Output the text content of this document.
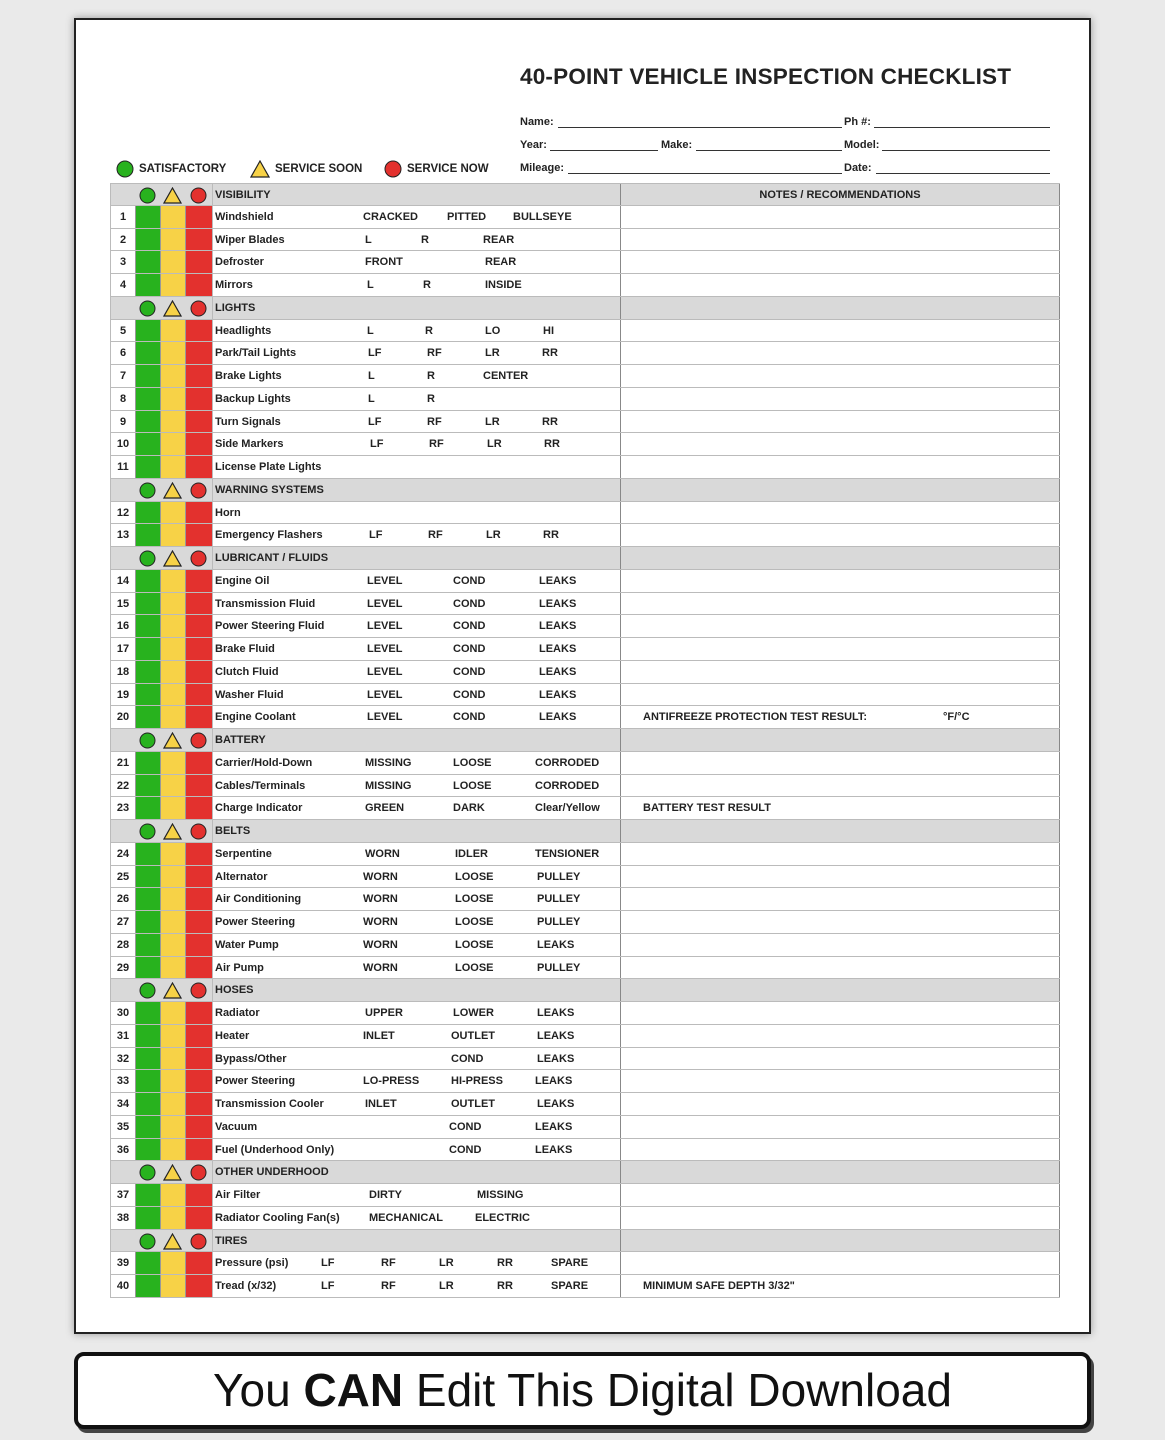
40-POINT VEHICLE INSPECTION CHECKLIST
Name:	Ph #:
Year:	Make:	Model:
Mileage:	Date:
SATISFACTORY	SERVICE SOON	SERVICE NOW
VISIBILITY	NOTES / RECOMMENDATIONS
1	Windshield	CRACKED	PITTED BULLSEYE
2	Wiper Blades	L	R	REAR
3	Defroster	FRONT	REAR
4	Mirrors	L	R	INSIDE
LIGHTS
5	Headlights	L	R	LO	HI
6	Park/Tail Lights	LF	RF	LR	RR
7	Brake Lights	L	R	CENTER
8	Backup Lights	L	R
9	Turn Signals	LF	RF	LR	RR
10	Side Markers	LF	RF	LR	RR
11	License Plate Lights
WARNING SYSTEMS
12	Horn
13	Emergency Flashers	LF	RF	LR	RR
LUBRICANT / FLUIDS
14	Engine Oil	LEVEL	COND	LEAKS
15	Transmission Fluid	LEVEL	COND	LEAKS
16	Power Steering Fluid	LEVEL	COND	LEAKS
17	Brake Fluid	LEVEL	COND	LEAKS
18	Clutch Fluid	LEVEL	COND	LEAKS
19	Washer Fluid	LEVEL	COND	LEAKS
20	Engine Coolant	LEVEL	COND	LEAKS	ANTIFREEZE PROTECTION TEST RESULT:	°F/°C
BATTERY
21	Carrier/Hold-Down	MISSING	LOOSE	CORRODED
22	Cables/Terminals	MISSING	LOOSE	CORRODED
23	Charge Indicator	GREEN	DARK	Clear/Yellow	BATTERY TEST RESULT
BELTS
24	Serpentine	WORN	IDLER	TENSIONER
25	Alternator	WORN	LOOSE	PULLEY
26	Air Conditioning	WORN	LOOSE	PULLEY
27	Power Steering	WORN	LOOSE	PULLEY
28	Water Pump	WORN	LOOSE	LEAKS
29	Air Pump	WORN	LOOSE	PULLEY
HOSES
30	Radiator	UPPER	LOWER	LEAKS
31	Heater	INLET	OUTLET	LEAKS
32	Bypass/Other	COND	LEAKS
33	Power Steering	LO-PRESS	HI-PRESS	LEAKS
34	Transmission Cooler	INLET	OUTLET	LEAKS
35	Vacuum	COND	LEAKS
36	Fuel (Underhood Only)	COND	LEAKS
OTHER UNDERHOOD
37	Air Filter	DIRTY	MISSING
38	Radiator Cooling Fan(s)	MECHANICAL	ELECTRIC
TIRES
39	Pressure (psi)	LF	RF	LR	RR	SPARE
40	Tread (x/32)	LF	RF	LR	RR	SPARE	MINIMUM SAFE DEPTH 3/32"
You CAN Edit This Digital Download
